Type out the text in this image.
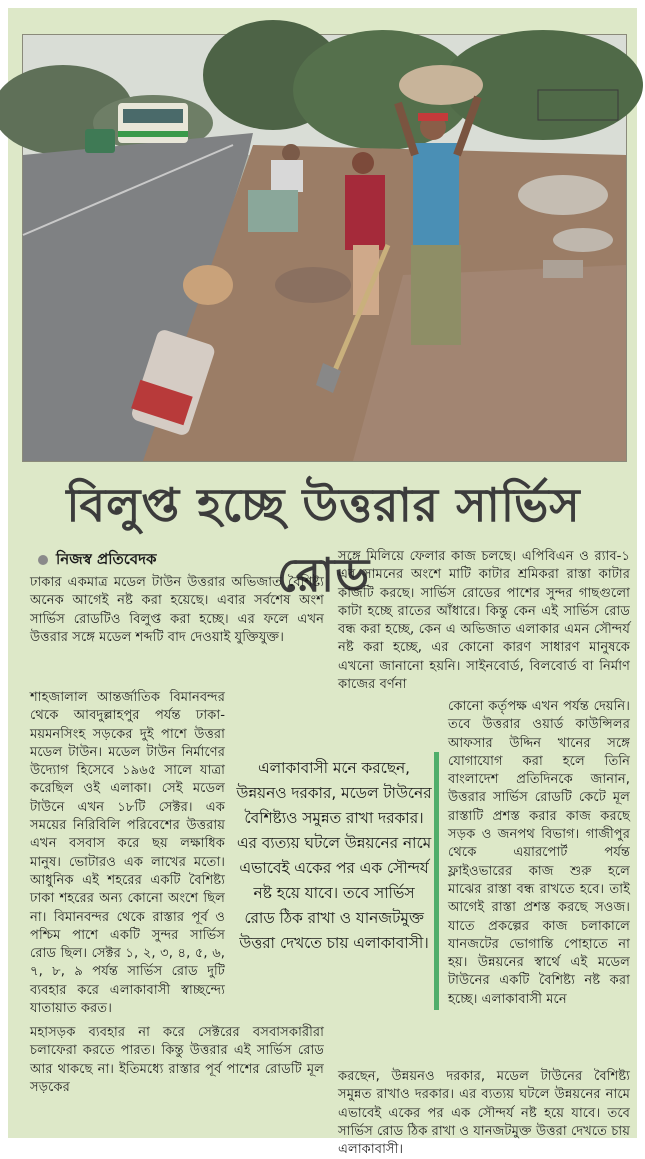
বিলুপ্ত হচ্ছে উত্তরার সার্ভিস রোড
নিজস্ব প্রতিবেদক

ঢাকার একমাত্র মডেল টাউন উত্তরার অভিজাত বৈশিষ্ট্য অনেক আগেই নষ্ট করা হয়েছে। এবার সর্বশেষ অংশ সার্ভিস রোডটিও বিলুপ্ত করা হচ্ছে। এর ফলে এখন উত্তরার সঙ্গে মডেল শব্দটি বাদ দেওয়াই যুক্তিযুক্ত।

শাহজালাল আন্তর্জাতিক বিমানবন্দর থেকে আবদুল্লাহপুর পর্যন্ত ঢাকা-ময়মনসিংহ সড়কের দুই পাশে উত্তরা মডেল টাউন। মডেল টাউন নির্মাণের উদ্যোগ হিসেবে ১৯৬৫ সালে যাত্রা করেছিল ওই এলাকা। সেই মডেল টাউনে এখন ১৮টি সেক্টর। এক সময়ের নিরিবিলি পরিবেশের উত্তরায় এখন বসবাস করে ছয় লক্ষাধিক মানুষ। ভোটারও এক লাখের মতো। আধুনিক এই শহরের একটি বৈশিষ্ট্য ঢাকা শহরের অন্য কোনো অংশে ছিল না। বিমানবন্দর থেকে রাস্তার পূর্ব ও পশ্চিম পাশে একটি সুন্দর সার্ভিস রোড ছিল। সেক্টর ১, ২, ৩, ৪, ৫, ৬, ৭, ৮, ৯ পর্যন্ত সার্ভিস রোড দুটি ব্যবহার করে এলাকাবাসী স্বাচ্ছন্দ্যে যাতায়াত করত।

মহাসড়ক ব্যবহার না করে সেক্টরের বসবাসকারীরা চলাফেরা করতে পারত। কিন্তু উত্তরার এই সার্ভিস রোড আর থাকছে না। ইতিমধ্যে রাস্তার পূর্ব পাশের রোডটি মূল সড়কের

সঙ্গে মিলিয়ে ফেলার কাজ চলছে। এপিবিএন ও র‍্যাব-১ এর সামনের অংশে মাটি কাটার শ্রমিকরা রাস্তা কাটার কাজটি করছে। সার্ভিস রোডের পাশের সুন্দর গাছগুলো কাটা হচ্ছে রাতের আঁধারে। কিন্তু কেন এই সার্ভিস রোড বন্ধ করা হচ্ছে, কেন এ অভিজাত এলাকার এমন সৌন্দর্য নষ্ট করা হচ্ছে, এর কোনো কারণ সাধারণ মানুষকে এখনো জানানো হয়নি। সাইনবোর্ড, বিলবোর্ড বা নির্মাণ কাজের বর্ণনা

কোনো কর্তৃপক্ষ এখন পর্যন্ত দেয়নি। তবে উত্তরার ওয়ার্ড কাউন্সিলর আফসার উদ্দিন খানের সঙ্গে যোগাযোগ করা হলে তিনি বাংলাদেশ প্রতিদিনকে জানান, উত্তরার সার্ভিস রোডটি কেটে মূল রাস্তাটি প্রশস্ত করার কাজ করছে সড়ক ও জনপথ বিভাগ। গাজীপুর থেকে এয়ারপোর্ট পর্যন্ত ফ্লাইওভারের কাজ শুরু হলে মাঝের রাস্তা বন্ধ রাখতে হবে। তাই আগেই রাস্তা প্রশস্ত করছে সওজ। যাতে প্রকল্পের কাজ চলাকালে যানজটের ভোগান্তি পোহাতে না হয়। উন্নয়নের স্বার্থে এই মডেল টাউনের একটি বৈশিষ্ট্য নষ্ট করা হচ্ছে। এলাকাবাসী মনে

করছেন, উন্নয়নও দরকার, মডেল টাউনের বৈশিষ্ট্য সমুন্নত রাখাও দরকার। এর ব্যত্যয় ঘটলে উন্নয়নের নামে এভাবেই একের পর এক সৌন্দর্য নষ্ট হয়ে যাবে। তবে সার্ভিস রোড ঠিক রাখা ও যানজটমুক্ত উত্তরা দেখতে চায় এলাকাবাসী।

এলাকাবাসী মনে করছেন, উন্নয়নও দরকার, মডেল টাউনের বৈশিষ্ট্যও সমুন্নত রাখা দরকার। এর ব্যত্যয় ঘটলে উন্নয়নের নামে এভাবেই একের পর এক সৌন্দর্য নষ্ট হয়ে যাবে। তবে সার্ভিস রোড ঠিক রাখা ও যানজটমুক্ত উত্তরা দেখতে চায় এলাকাবাসী।
